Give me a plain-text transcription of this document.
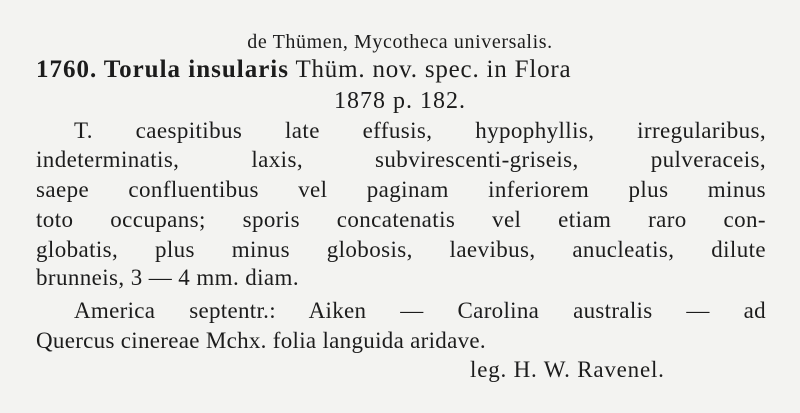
de Thümen, Mycotheca universalis.
1760. Torula insularis Thüm. nov. spec. in Flora
1878 p. 182.
T. caespitibus late effusis, hypophyllis, irregularibus,
indeterminatis, laxis, subvirescenti-griseis, pulveraceis,
saepe confluentibus vel paginam inferiorem plus minus
toto occupans; sporis concatenatis vel etiam raro con-
globatis, plus minus globosis, laevibus, anucleatis, dilute
brunneis, 3 — 4 mm. diam.
America septentr.: Aiken — Carolina australis — ad
Quercus cinereae Mchx. folia languida aridave.
leg. H. W. Ravenel.
